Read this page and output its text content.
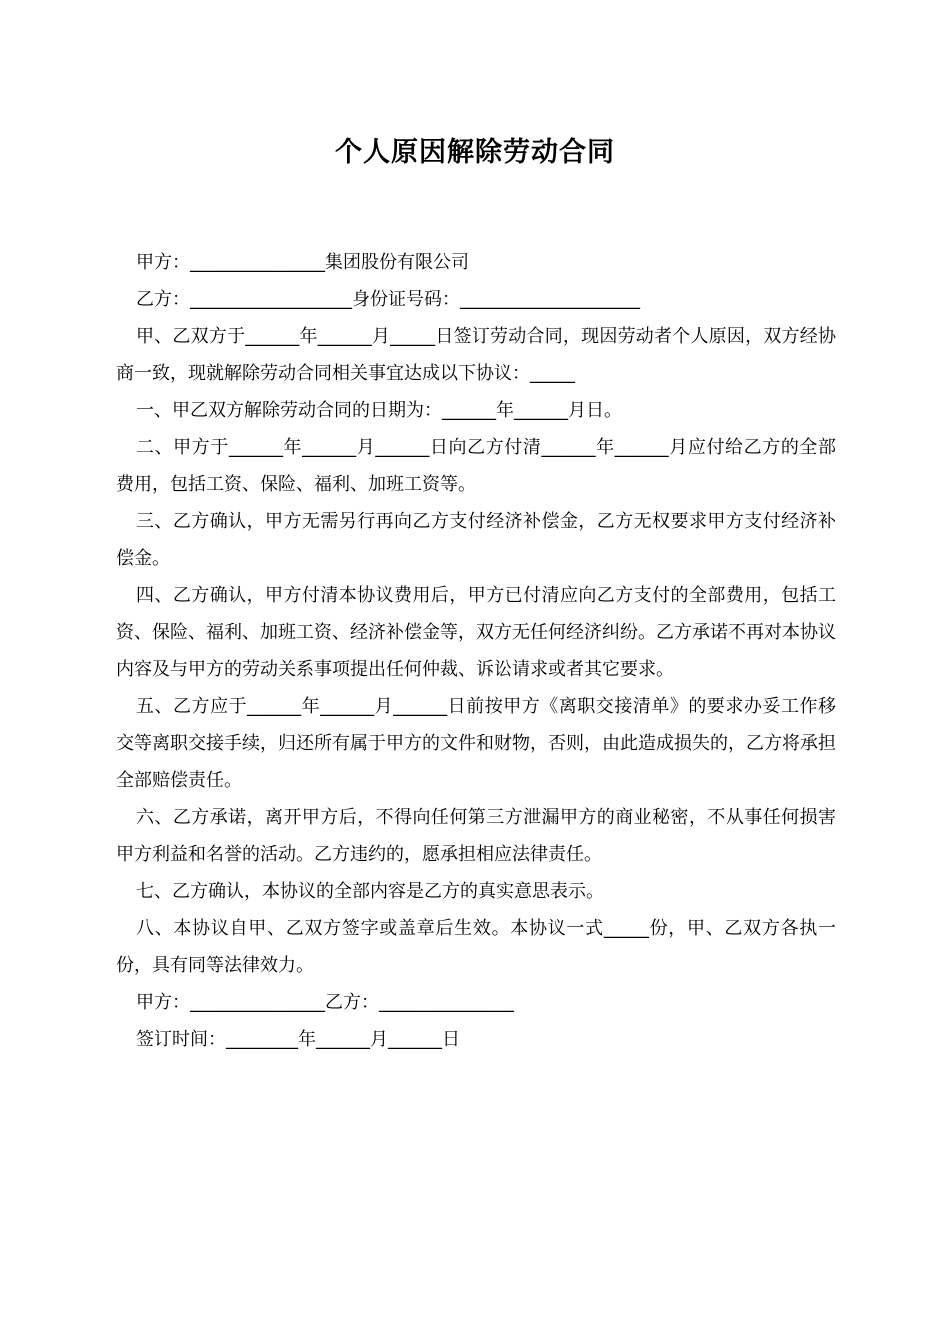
个人原因解除劳动合同

甲方：_______________集团股份有限公司

乙方：__________________身份证号码：____________________

甲、乙双方于______年______月_____日签订劳动合同，现因劳动者个人原因，双方经协商一致，现就解除劳动合同相关事宜达成以下协议：_____

一、甲乙双方解除劳动合同的日期为：______年______月日。

二、甲方于______年______月______日向乙方付清______年______月应付给乙方的全部费用，包括工资、保险、福利、加班工资等。

三、乙方确认，甲方无需另行再向乙方支付经济补偿金，乙方无权要求甲方支付经济补偿金。

四、乙方确认，甲方付清本协议费用后，甲方已付清应向乙方支付的全部费用，包括工资、保险、福利、加班工资、经济补偿金等，双方无任何经济纠纷。乙方承诺不再对本协议内容及与甲方的劳动关系事项提出任何仲裁、诉讼请求或者其它要求。

五、乙方应于______年______月______日前按甲方《离职交接清单》的要求办妥工作移交等离职交接手续，归还所有属于甲方的文件和财物，否则，由此造成损失的，乙方将承担全部赔偿责任。

六、乙方承诺，离开甲方后，不得向任何第三方泄漏甲方的商业秘密，不从事任何损害甲方利益和名誉的活动。乙方违约的，愿承担相应法律责任。

七、乙方确认，本协议的全部内容是乙方的真实意思表示。

八、本协议自甲、乙双方签字或盖章后生效。本协议一式_____份，甲、乙双方各执一份，具有同等法律效力。

甲方：_______________乙方：_______________

签订时间：________年______月______日
